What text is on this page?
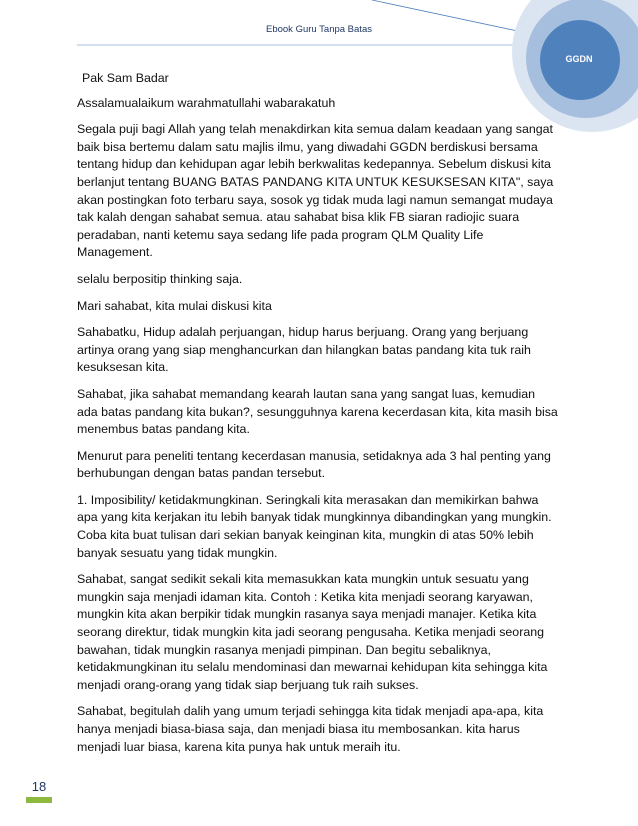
Ebook Guru Tanpa Batas
GGDN

Pak Sam Badar

Assalamualaikum warahmatullahi wabarakatuh

Segala puji bagi Allah yang telah menakdirkan kita semua dalam keadaan yang sangat baik bisa bertemu dalam satu majlis ilmu, yang diwadahi GGDN berdiskusi bersama tentang hidup dan kehidupan agar lebih berkwalitas kedepannya. Sebelum diskusi kita berlanjut tentang BUANG BATAS PANDANG KITA UNTUK KESUKSESAN KITA", saya akan postingkan foto terbaru saya, sosok yg tidak muda lagi namun semangat mudaya tak kalah dengan sahabat semua. atau sahabat bisa klik FB siaran radiojic suara peradaban, nanti ketemu saya sedang life pada program QLM Quality Life Management.

selalu berpositip thinking saja.

Mari sahabat, kita mulai diskusi kita

Sahabatku, Hidup adalah perjuangan, hidup harus berjuang. Orang yang berjuang artinya orang yang siap menghancurkan dan hilangkan batas pandang kita tuk raih kesuksesan kita.

Sahabat, jika sahabat memandang kearah lautan sana yang sangat luas, kemudian ada batas pandang kita bukan?, sesungguhnya karena kecerdasan kita, kita masih bisa menembus batas pandang kita.

Menurut para peneliti tentang kecerdasan manusia, setidaknya ada 3 hal penting yang berhubungan dengan batas pandan tersebut.

1. Imposibility/ ketidakmungkinan. Seringkali kita merasakan dan memikirkan bahwa apa yang kita kerjakan itu lebih banyak tidak mungkinnya dibandingkan yang mungkin. Coba kita buat tulisan dari sekian banyak keinginan kita, mungkin di atas 50% lebih banyak sesuatu yang tidak mungkin.

Sahabat, sangat sedikit sekali kita memasukkan kata mungkin untuk sesuatu yang mungkin saja menjadi idaman kita. Contoh : Ketika kita menjadi seorang karyawan, mungkin kita akan berpikir tidak mungkin rasanya saya menjadi manajer. Ketika kita seorang direktur, tidak mungkin kita jadi seorang pengusaha. Ketika menjadi seorang bawahan, tidak mungkin rasanya menjadi pimpinan. Dan begitu sebaliknya, ketidakmungkinan itu selalu mendominasi dan mewarnai kehidupan kita sehingga kita menjadi orang-orang yang tidak siap berjuang tuk raih sukses.

Sahabat, begitulah dalih yang umum terjadi sehingga kita tidak menjadi apa-apa, kita hanya menjadi biasa-biasa saja, dan menjadi biasa itu membosankan. kita harus menjadi luar biasa, karena kita punya hak untuk meraih itu.

18
